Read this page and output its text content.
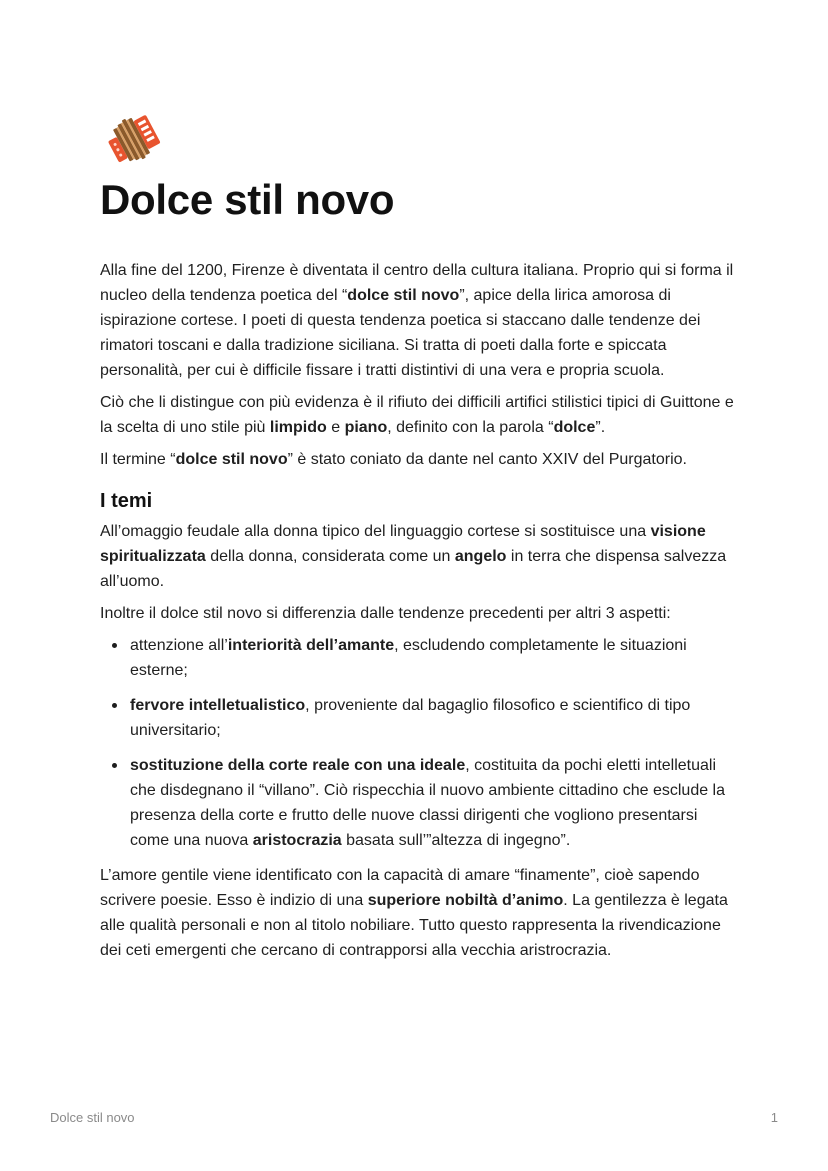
Dolce stil novo

Alla fine del 1200, Firenze è diventata il centro della cultura italiana. Proprio qui si forma il nucleo della tendenza poetica del “dolce stil novo”, apice della lirica amorosa di ispirazione cortese. I poeti di questa tendenza poetica si staccano dalle tendenze dei rimatori toscani e dalla tradizione siciliana. Si tratta di poeti dalla forte e spiccata personalità, per cui è difficile fissare i tratti distintivi di una vera e propria scuola.

Ciò che li distingue con più evidenza è il rifiuto dei difficili artifici stilistici tipici di Guittone e la scelta di uno stile più limpido e piano, definito con la parola “dolce”.

Il termine “dolce stil novo” è stato coniato da dante nel canto XXIV del Purgatorio.

I temi

All’omaggio feudale alla donna tipico del linguaggio cortese si sostituisce una visione spiritualizzata della donna, considerata come un angelo in terra che dispensa salvezza all’uomo.

Inoltre il dolce stil novo si differenzia dalle tendenze precedenti per altri 3 aspetti:

attenzione all’interiorità dell’amante, escludendo completamente le situazioni esterne;
fervore intelletualistico, proveniente dal bagaglio filosofico e scientifico di tipo universitario;
sostituzione della corte reale con una ideale, costituita da pochi eletti intelletuali che disdegnano il “villano”. Ciò rispecchia il nuovo ambiente cittadino che esclude la presenza della corte e frutto delle nuove classi dirigenti che vogliono presentarsi come una nuova aristocrazia basata sull’”altezza di ingegno”.

L’amore gentile viene identificato con la capacità di amare “finamente”, cioè sapendo scrivere poesie. Esso è indizio di una superiore nobiltà d’animo. La gentilezza è legata alle qualità personali e non al titolo nobiliare. Tutto questo rappresenta la rivendicazione dei ceti emergenti che cercano di contrapporsi alla vecchia aristrocrazia.

Dolce stil novo	1
